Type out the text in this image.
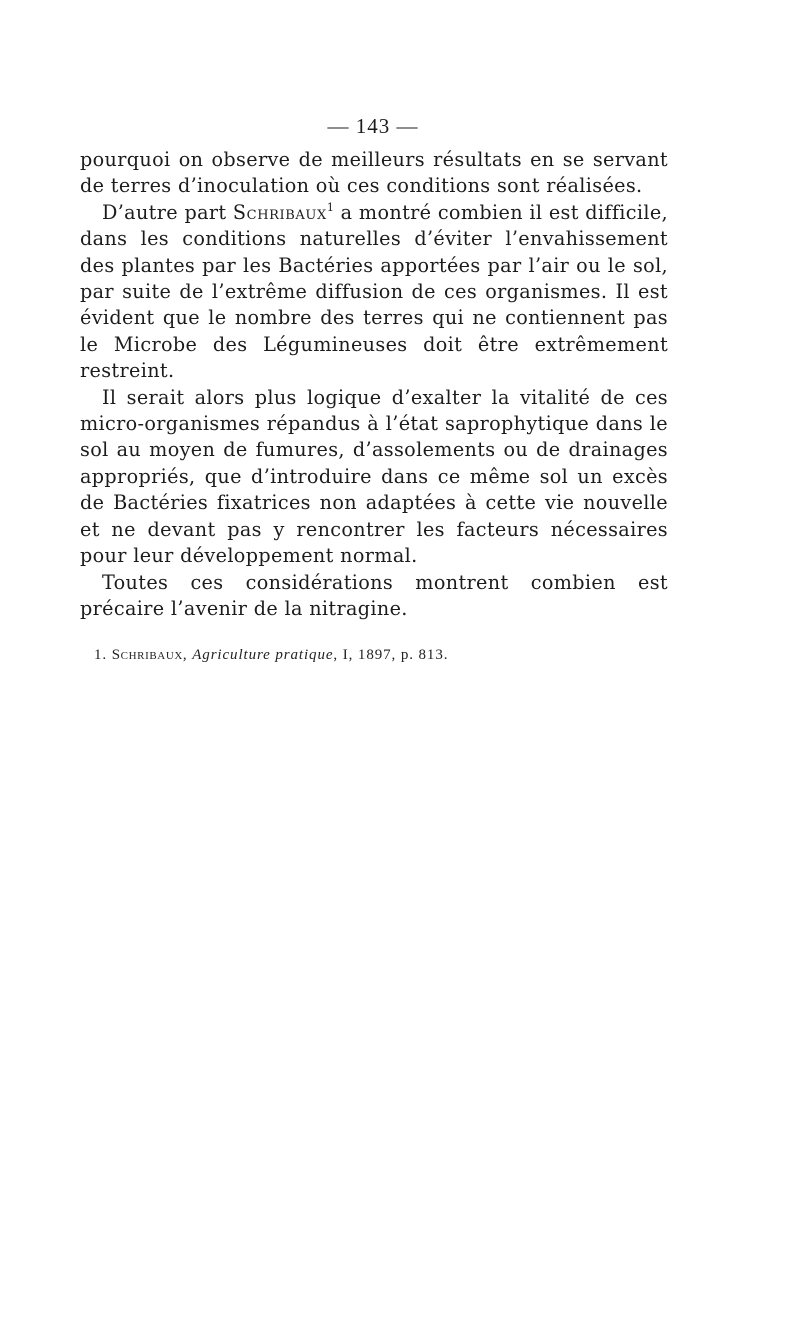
— 143 —

pourquoi on observe de meilleurs résultats en se servant de terres d’inoculation où ces conditions sont réalisées.

D’autre part Schribaux$^1$ a montré combien il est difficile, dans les conditions naturelles d’éviter l’envahissement des plantes par les Bactéries apportées par l’air ou le sol, par suite de l’extrême diffusion de ces organismes. Il est évident que le nombre des terres qui ne contiennent pas le Microbe des Légumineuses doit être extrêmement restreint.

Il serait alors plus logique d’exalter la vitalité de ces micro-organismes répandus à l’état saprophytique dans le sol au moyen de fumures, d’assolements ou de drainages appropriés, que d’introduire dans ce même sol un excès de Bactéries fixatrices non adaptées à cette vie nouvelle et ne devant pas y rencontrer les facteurs nécessaires pour leur développement normal.

Toutes ces considérations montrent combien est précaire l’avenir de la nitragine.

1. Schribaux, Agriculture pratique, I, 1897, p. 813.
